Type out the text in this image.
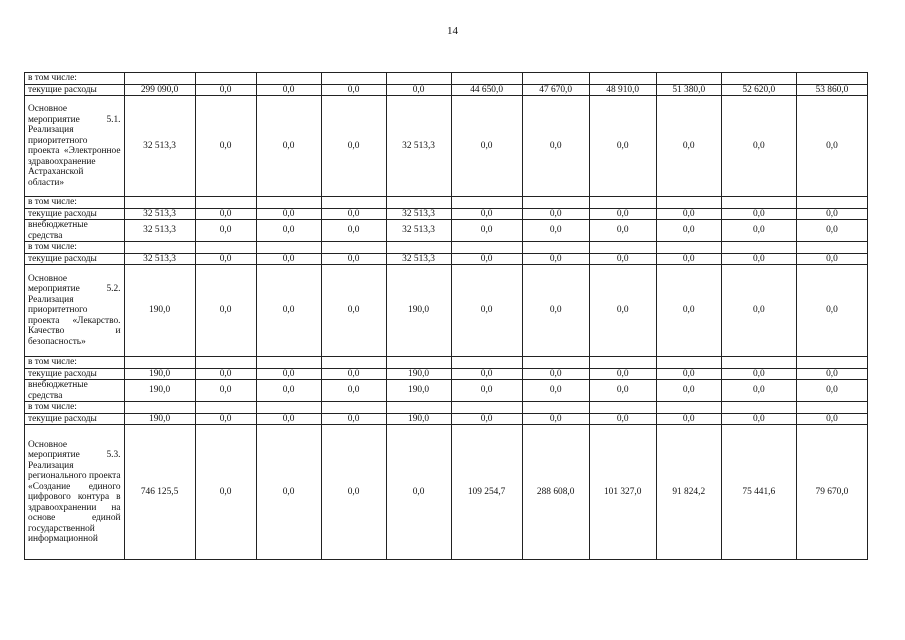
14
в том числе:											
текущие расходы	299 090,0	0,0	0,0	0,0	0,0	44 650,0	47 670,0	48 910,0	51 380,0	52 620,0	53 860,0
Основное мероприятие 5.1. Реализация приоритетного проекта «Электронное здравоохранение Астраханской области»	32 513,3	0,0	0,0	0,0	32 513,3	0,0	0,0	0,0	0,0	0,0	0,0
в том числе:											
текущие расходы	32 513,3	0,0	0,0	0,0	32 513,3	0,0	0,0	0,0	0,0	0,0	0,0
внебюджетные средства	32 513,3	0,0	0,0	0,0	32 513,3	0,0	0,0	0,0	0,0	0,0	0,0
в том числе:											
текущие расходы	32 513,3	0,0	0,0	0,0	32 513,3	0,0	0,0	0,0	0,0	0,0	0,0
Основное мероприятие 5.2. Реализация приоритетного проекта «Лекарство. Качество и безопасность»	190,0	0,0	0,0	0,0	190,0	0,0	0,0	0,0	0,0	0,0	0,0
в том числе:											
текущие расходы	190,0	0,0	0,0	0,0	190,0	0,0	0,0	0,0	0,0	0,0	0,0
внебюджетные средства	190,0	0,0	0,0	0,0	190,0	0,0	0,0	0,0	0,0	0,0	0,0
в том числе:											
текущие расходы	190,0	0,0	0,0	0,0	190,0	0,0	0,0	0,0	0,0	0,0	0,0
Основное мероприятие 5.3. Реализация регионального проекта «Создание единого цифрового контура в здравоохранении на основе единой государственной информационной	746 125,5	0,0	0,0	0,0	0,0	109 254,7	288 608,0	101 327,0	91 824,2	75 441,6	79 670,0
